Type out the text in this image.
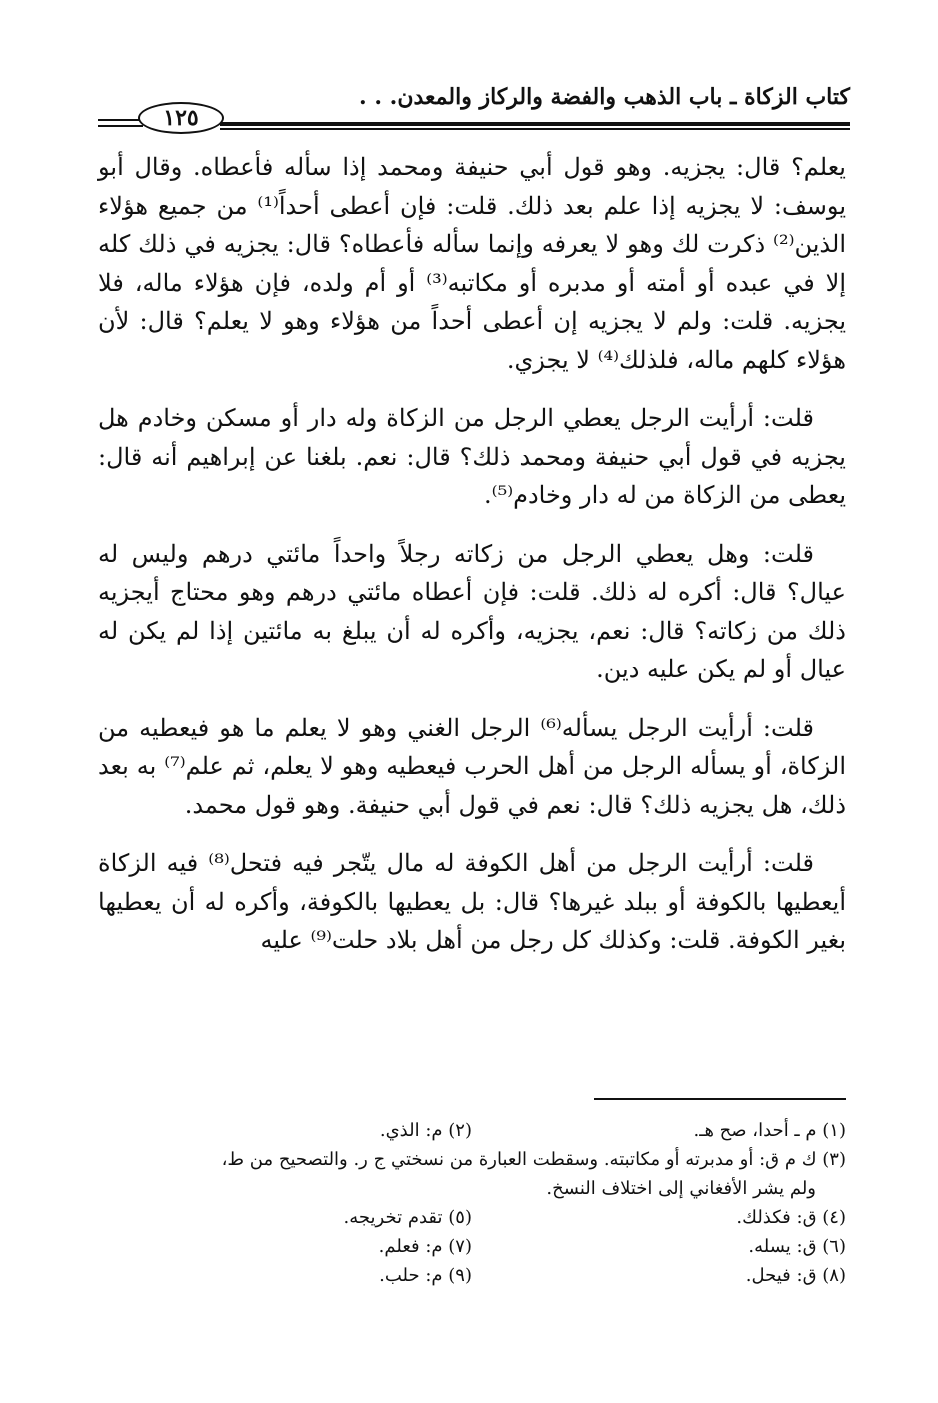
كتاب الزكاة ـ باب الذهب والفضة والركاز والمعدن. . .
١٢٥

يعلم؟ قال: يجزيه. وهو قول أبي حنيفة ومحمد إذا سأله فأعطاه. وقال أبو يوسف: لا يجزيه إذا علم بعد ذلك. قلت: فإن أعطى أحداً⁽¹⁾ من جميع هؤلاء الذين⁽²⁾ ذكرت لك وهو لا يعرفه وإنما سأله فأعطاه؟ قال: يجزيه في ذلك كله إلا في عبده أو أمته أو مدبره أو مكاتبه⁽³⁾ أو أم ولده، فإن هؤلاء ماله، فلا يجزيه. قلت: ولم لا يجزيه إن أعطى أحداً من هؤلاء وهو لا يعلم؟ قال: لأن هؤلاء كلهم ماله، فلذلك⁽⁴⁾ لا يجزي.

قلت: أرأيت الرجل يعطي الرجل من الزكاة وله دار أو مسكن وخادم هل يجزيه في قول أبي حنيفة ومحمد ذلك؟ قال: نعم. بلغنا عن إبراهيم أنه قال: يعطى من الزكاة من له دار وخادم⁽⁵⁾.

قلت: وهل يعطي الرجل من زكاته رجلاً واحداً مائتي درهم وليس له عيال؟ قال: أكره له ذلك. قلت: فإن أعطاه مائتي درهم وهو محتاج أيجزيه ذلك من زكاته؟ قال: نعم، يجزيه، وأكره له أن يبلغ به مائتين إذا لم يكن له عيال أو لم يكن عليه دين.

قلت: أرأيت الرجل يسأله⁽⁶⁾ الرجل الغني وهو لا يعلم ما هو فيعطيه من الزكاة، أو يسأله الرجل من أهل الحرب فيعطيه وهو لا يعلم، ثم علم⁽⁷⁾ به بعد ذلك، هل يجزيه ذلك؟ قال: نعم في قول أبي حنيفة. وهو قول محمد.

قلت: أرأيت الرجل من أهل الكوفة له مال يتّجر فيه فتحل⁽⁸⁾ فيه الزكاة أيعطيها بالكوفة أو ببلد غيرها؟ قال: بل يعطيها بالكوفة، وأكره له أن يعطيها بغير الكوفة. قلت: وكذلك كل رجل من أهل بلاد حلت⁽⁹⁾ عليه

(١) م ـ أحدا، صح هـ.
(٢) م: الذي.
(٣) ك م ق: أو مدبرته أو مكاتبته. وسقطت العبارة من نسختي ج ر. والتصحيح من ط،
ولم يشر الأفغاني إلى اختلاف النسخ.
(٤) ق: فكذلك.
(٥) تقدم تخريجه.
(٦) ق: يسله.
(٧) م: فعلم.
(٨) ق: فيحل.
(٩) م: حلب.
